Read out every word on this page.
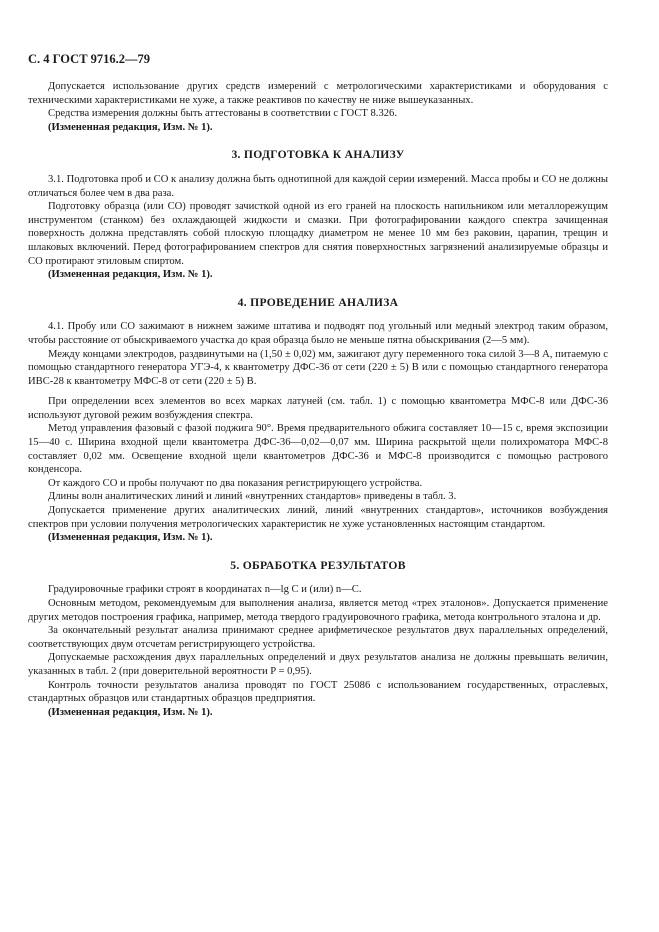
С. 4 ГОСТ 9716.2—79

Допускается использование других средств измерений с метрологическими характеристиками и оборудования с техническими характеристиками не хуже, а также реактивов по качеству не ниже вышеуказанных.

Средства измерения должны быть аттестованы в соответствии с ГОСТ 8.326.

(Измененная редакция, Изм. № 1).

3. ПОДГОТОВКА К АНАЛИЗУ

3.1. Подготовка проб и СО к анализу должна быть однотипной для каждой серии измерений. Масса пробы и СО не должны отличаться более чем в два раза.

Подготовку образца (или СО) проводят зачисткой одной из его граней на плоскость напильником или металлорежущим инструментом (станком) без охлаждающей жидкости и смазки. При фотографировании каждого спектра зачищенная поверхность должна представлять собой плоскую площадку диаметром не менее 10 мм без раковин, царапин, трещин и шлаковых включений. Перед фотографированием спектров для снятия поверхностных загрязнений анализируемые образцы и СО протирают этиловым спиртом.

(Измененная редакция, Изм. № 1).

4. ПРОВЕДЕНИЕ АНАЛИЗА

4.1. Пробу или СО зажимают в нижнем зажиме штатива и подводят под угольный или медный электрод таким образом, чтобы расстояние от обыскриваемого участка до края образца было не меньше пятна обыскривания (2—5 мм).

Между концами электродов, раздвинутыми на (1,50 ± 0,02) мм, зажигают дугу переменного тока силой 3—8 А, питаемую с помощью стандартного генератора УГЭ-4, к квантометру ДФС-36 от сети (220 ± 5) В или с помощью стандартного генератора ИВС-28 к квантометру МФС-8 от сети (220 ± 5) В.

При определении всех элементов во всех марках латуней (см. табл. 1) с помощью квантометра МФС-8 или ДФС-36 используют дуговой режим возбуждения спектра.

Метод управления фазовый с фазой поджига 90°. Время предварительного обжига составляет 10—15 с, время экспозиции 15—40 с. Ширина входной щели квантометра ДФС-36—0,02—0,07 мм. Ширина раскрытой щели полихроматора МФС-8 составляет 0,02 мм. Освещение входной щели квантометров ДФС-36 и МФС-8 производится с помощью растрового конденсора.

От каждого СО и пробы получают по два показания регистрирующего устройства.

Длины волн аналитических линий и линий «внутренних стандартов» приведены в табл. 3.

Допускается применение других аналитических линий, линий «внутренних стандартов», источников возбуждения спектров при условии получения метрологических характеристик не хуже установленных настоящим стандартом.

(Измененная редакция, Изм. № 1).

5. ОБРАБОТКА РЕЗУЛЬТАТОВ

Градуировочные графики строят в координатах n—lg C и (или) n—C.

Основным методом, рекомендуемым для выполнения анализа, является метод «трех эталонов». Допускается применение других методов построения графика, например, метода твердого градуировочного графика, метода контрольного эталона и др.

За окончательный результат анализа принимают среднее арифметическое результатов двух параллельных определений, соответствующих двум отсчетам регистрирующего устройства.

Допускаемые расхождения двух параллельных определений и двух результатов анализа не должны превышать величин, указанных в табл. 2 (при доверительной вероятности P = 0,95).

Контроль точности результатов анализа проводят по ГОСТ 25086 с использованием государственных, отраслевых, стандартных образцов или стандартных образцов предприятия.

(Измененная редакция, Изм. № 1).
